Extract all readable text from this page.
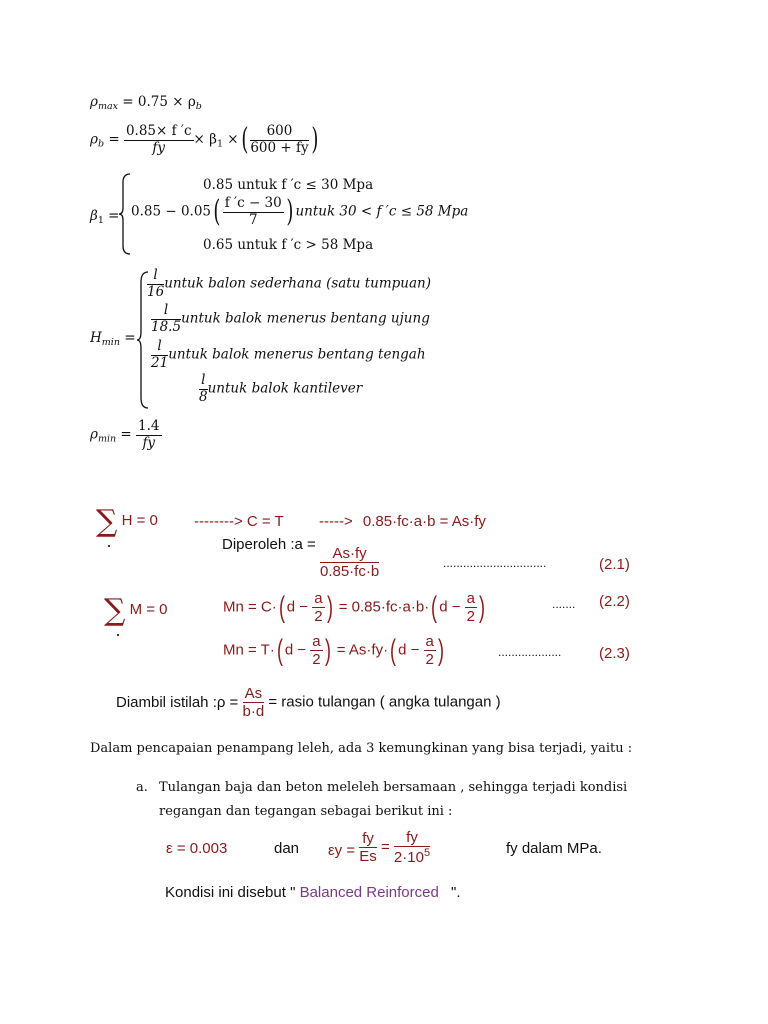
$\rho_{max} = 0.75 \times \rho_b$
$\rho_b = \frac{0.85\times f 'c}{fy} \times \beta_1$ ×( $\frac{600}{600 + fy}$ )
$\beta_1$ =
0.85 untuk f ′c ≤ 30 Mpa
$0.85 - 0.05( \frac{f 'c - 30}{7}$ ) untuk 30 < f ′c ≤ 58 Mpa
0.65 untuk f ′c > 58 Mpa
$H_{min}$ =
$\frac{l}{16}$ untuk balon sederhana (satu tumpuan)
$\frac{l}{18.5}$ untuk balok menerus bentang ujung
$\frac{l}{21}$ untuk balok menerus bentang tengah
$\frac{l}{8}$ untuk balok kantilever
$\rho_{min} = \frac{1.4}{fy}$
∑ H = 0 --------> C = T -----> 0.85·fc·a·b = As·fy
Diperoleh :a =
$\frac{As\cdot fy}{0.85\cdot fc\cdot b}$	...............................	(2.1)
∑ M = 0	Mn = C·( $d - \frac{a}{2}$ ) = 0.85·fc·a·b·( $d - \frac{a}{2}$ )	....... (2.2)
Mn = T·( $d - \frac{a}{2}$ ) = As·fy·( $d - \frac{a}{2}$ )	...................	(2.3)
Diambil istilah :ρ = $\frac{As}{b\cdot d}$ = rasio tulangan ( angka tulangan )
Dalam pencapaian penampang leleh, ada 3 kemungkinan yang bisa terjadi, yaitu :
a. Tulangan baja dan beton meleleh bersamaan , sehingga terjadi kondisi
regangan dan tegangan sebagai berikut ini :
ε = 0.003	dan $\varepsilon y = \frac{fy}{Es} = \frac{fy}{2\cdot 10^5}$	fy dalam MPa.
Kondisi ini disebut " Balanced Reinforced ".
